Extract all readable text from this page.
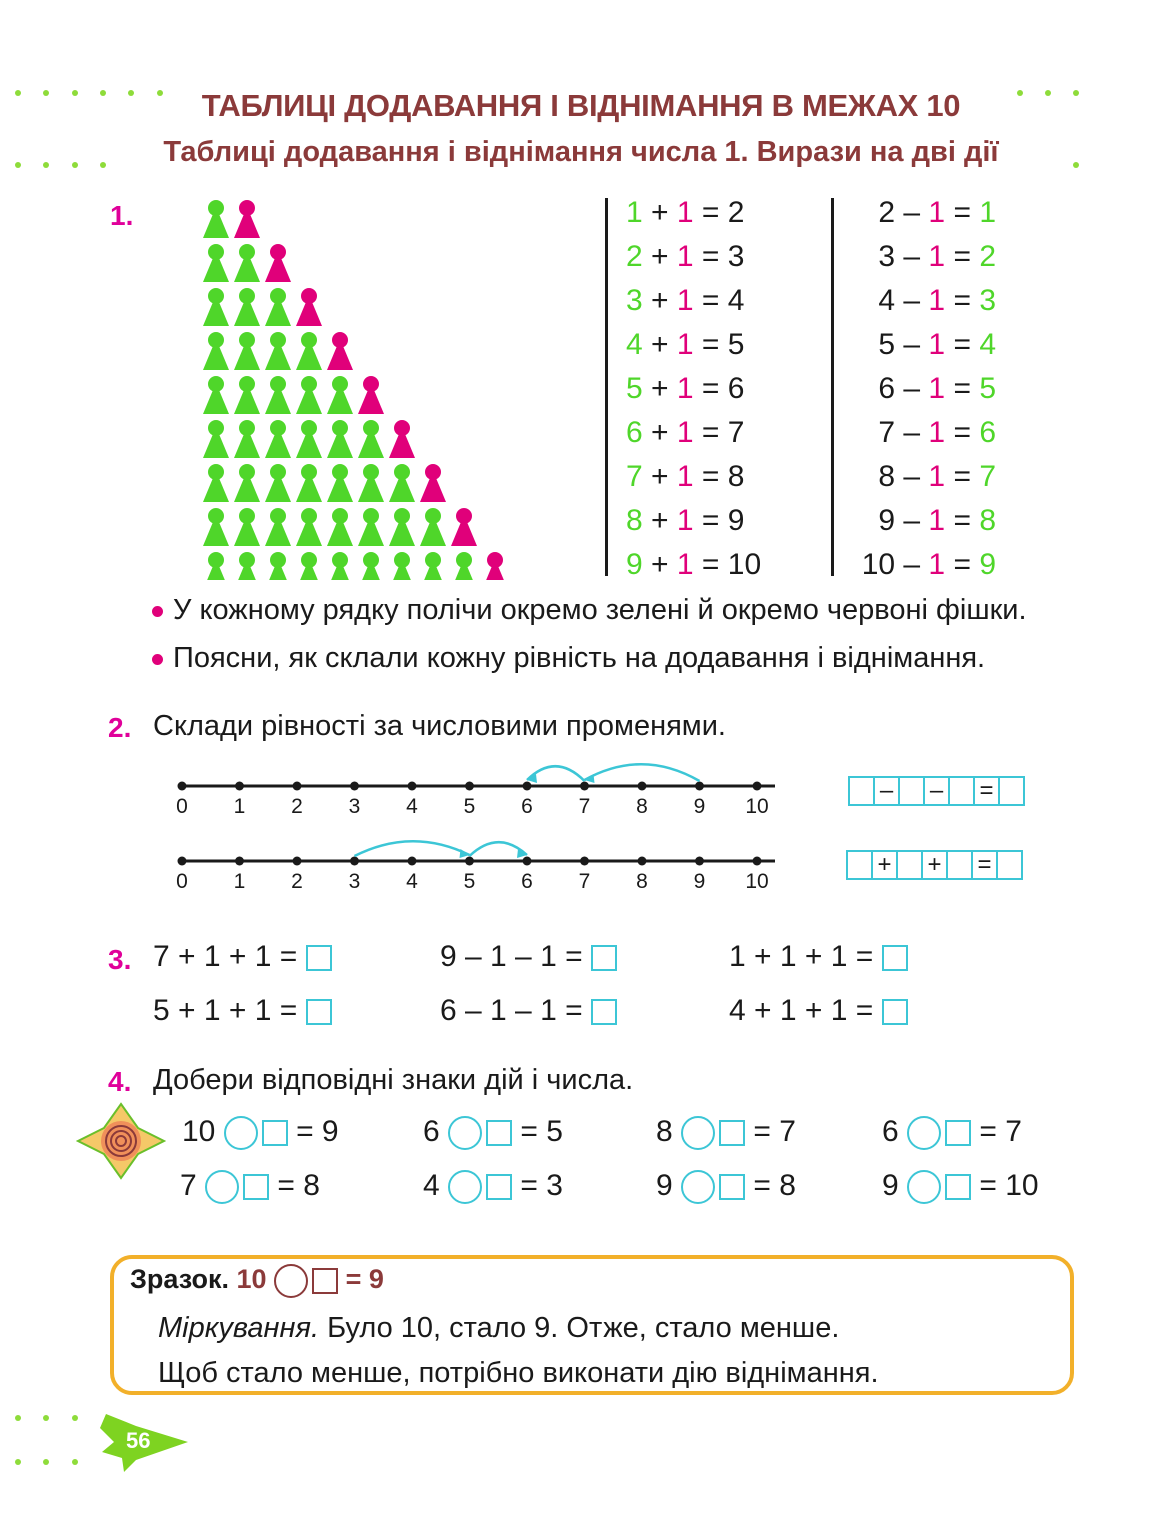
ТАБЛИЦІ ДОДАВАННЯ І ВІДНІМАННЯ В МЕЖАХ 10
Таблиці додавання і віднімання числа 1. Вирази на дві дії
1.	1 + 1 = 2
2 + 1 = 3
3 + 1 = 4
4 + 1 = 5
5 + 1 = 6
6 + 1 = 7
7 + 1 = 8
8 + 1 = 9
9 + 1 = 10
2 – 1 = 1
3 – 1 = 2
4 – 1 = 3
5 – 1 = 4
6 – 1 = 5
7 – 1 = 6
8 – 1 = 7
9 – 1 = 8
10 – 1 = 9
У кожному рядку полічи окремо зелені й окремо червоні фішки.
Поясни, як склали кожну рівність на додавання і віднімання.
2. Склади рівності за числовими променями.
0 1 2 3 4 5 6 7 8 9 10
0 1 2 3 4 5 6 7 8 9 10
– – =
+ + =
3. 7 + 1 + 1 =	9 – 1 – 1 =	1 + 1 + 1 =
5 + 1 + 1 =	6 – 1 – 1 =	4 + 1 + 1 =
4. Добери відповідні знаки дій і числа.
10	= 9	6	= 5	8	= 7	6	= 7
7	= 8	4	= 3	9	= 8	9	= 10
Зразок. 10	= 9
Міркування. Було 10, стало 9. Отже, стало менше.
Щоб стало менше, потрібно виконати дію віднімання.
56
